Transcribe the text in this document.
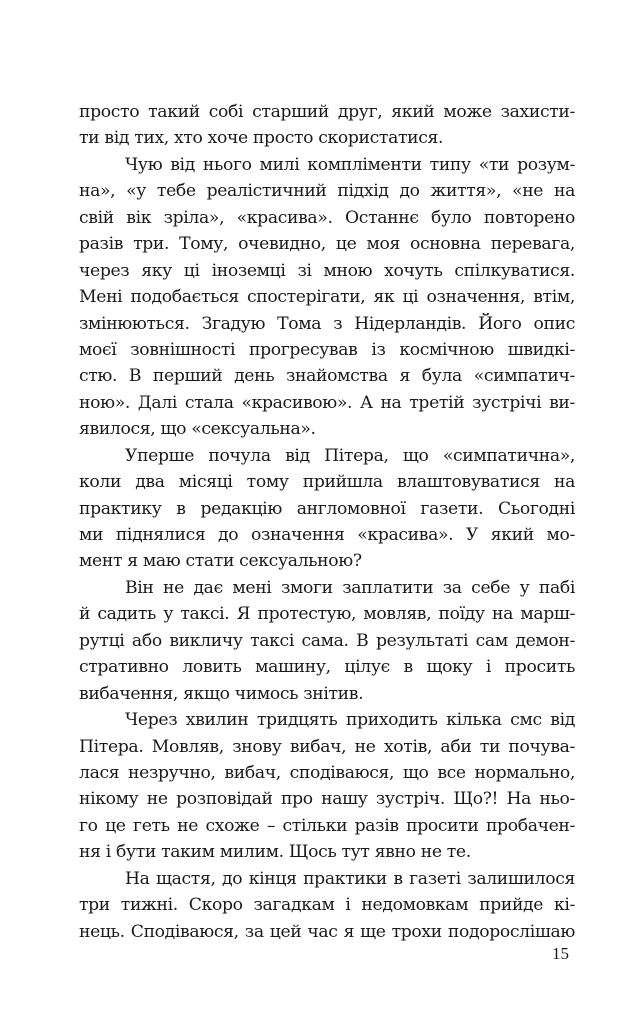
просто такий собі старший друг, який може захисти-
ти від тих, хто хоче просто скористатися.
Чую від нього милі компліменти типу «ти розум-
на», «у тебе реалістичний підхід до життя», «не на
свій вік зріла», «красива». Останнє було повторено
разів три. Тому, очевидно, це моя основна перевага,
через яку ці іноземці зі мною хочуть спілкуватися.
Мені подобається спостерігати, як ці означення, втім,
змінюються. Згадую Тома з Нідерландів. Його опис
моєї зовнішності прогресував із космічною швидкі-
стю. В перший день знайомства я була «симпатич-
ною». Далі стала «красивою». А на третій зустрічі ви-
явилося, що «сексуальна».
Уперше почула від Пітера, що «симпатична»,
коли два місяці тому прийшла влаштовуватися на
практику в редакцію англомовної газети. Сьогодні
ми піднялися до означення «красива». У який мо-
мент я маю стати сексуальною?
Він не дає мені змоги заплатити за себе у пабі
й садить у таксі. Я протестую, мовляв, поїду на марш-
рутці або викличу таксі сама. В результаті сам демон-
стративно ловить машину, цілує в щоку і просить
вибачення, якщо чимось знітив.
Через хвилин тридцять приходить кілька смс від
Пітера. Мовляв, знову вибач, не хотів, аби ти почува-
лася незручно, вибач, сподіваюся, що все нормально,
нікому не розповідай про нашу зустріч. Що?! На ньо-
го це геть не схоже – стільки разів просити пробачен-
ня і бути таким милим. Щось тут явно не те.
На щастя, до кінця практики в газеті залишилося
три тижні. Скоро загадкам і недомовкам прийде кі-
нець. Сподіваюся, за цей час я ще трохи подорослішаю
15
